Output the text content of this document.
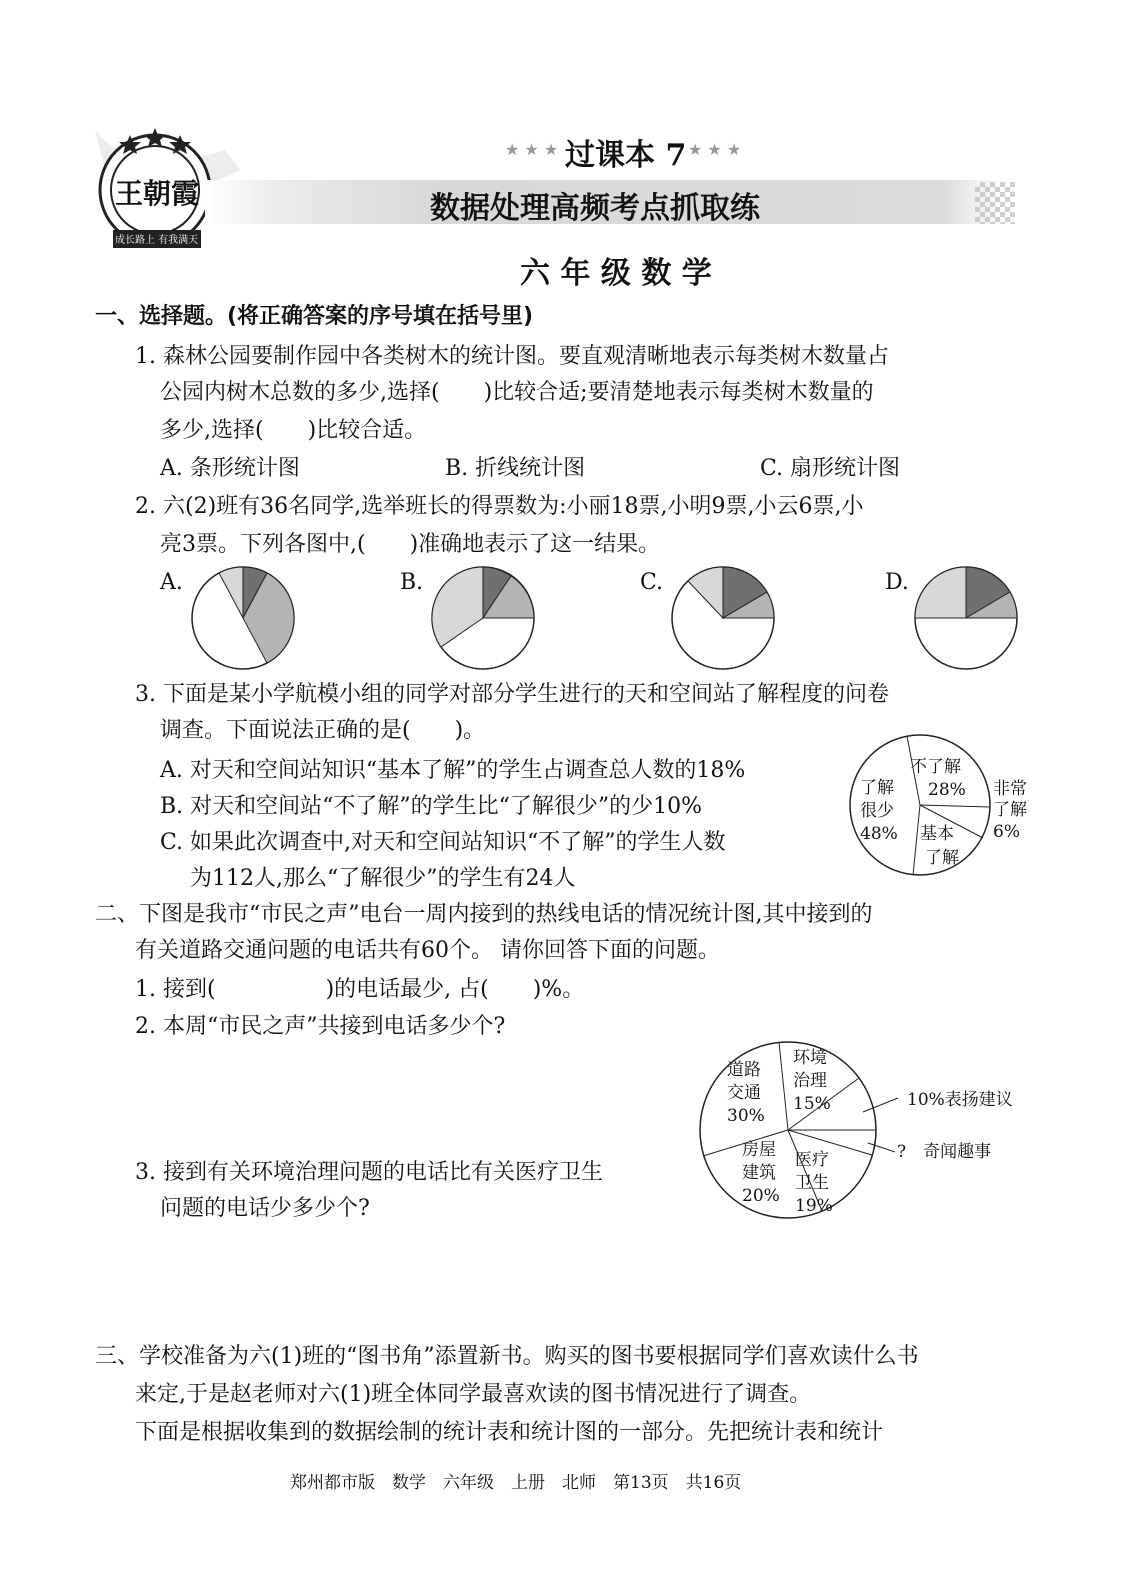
王朝霞
成长路上 有我满天
★ ★ ★ 过课本 7 ★ ★ ★
数据处理高频考点抓取练
六 年 级 数 学
一、选择题。(将正确答案的序号填在括号里)
1. 森林公园要制作园中各类树木的统计图。要直观清晰地表示每类树木数量占
公园内树木总数的多少,选择(　　)比较合适;要清楚地表示每类树木数量的
多少,选择(　　)比较合适。
A. 条形统计图	B. 折线统计图	C. 扇形统计图
2. 六(2)班有36名同学,选举班长的得票数为:小丽18票,小明9票,小云6票,小
亮3票。下列各图中,(　　)准确地表示了这一结果。
A.	B.	C.	D.
3. 下面是某小学航模小组的同学对部分学生进行的天和空间站了解程度的问卷
调查。下面说法正确的是(　　)。
A. 对天和空间站知识“基本了解”的学生占调查总人数的18%
B. 对天和空间站“不了解”的学生比“了解很少”的少10%
C. 如果此次调查中,对天和空间站知识“不了解”的学生人数
为112人,那么“了解很少”的学生有24人
不了解
28% 非常
了解
6%
了解
很少
48% 基本
了解
二、下图是我市“市民之声”电台一周内接到的热线电话的情况统计图,其中接到的
有关道路交通问题的电话共有60个。 请你回答下面的问题。
1. 接到(　　　　　)的电话最少, 占(　　)%。
2. 本周“市民之声”共接到电话多少个?
3. 接到有关环境治理问题的电话比有关医疗卫生
问题的电话少多少个?
道路
交通
30%
环境
治理
15%	10%表扬建议
?　奇闻趣事
房屋
建筑
20%
医疗
卫生
19%
三、学校准备为六(1)班的“图书角”添置新书。购买的图书要根据同学们喜欢读什么书
来定,于是赵老师对六(1)班全体同学最喜欢读的图书情况进行了调查。
下面是根据收集到的数据绘制的统计表和统计图的一部分。先把统计表和统计
郑州都市版　数学　六年级　上册　北师　第13页　共16页
